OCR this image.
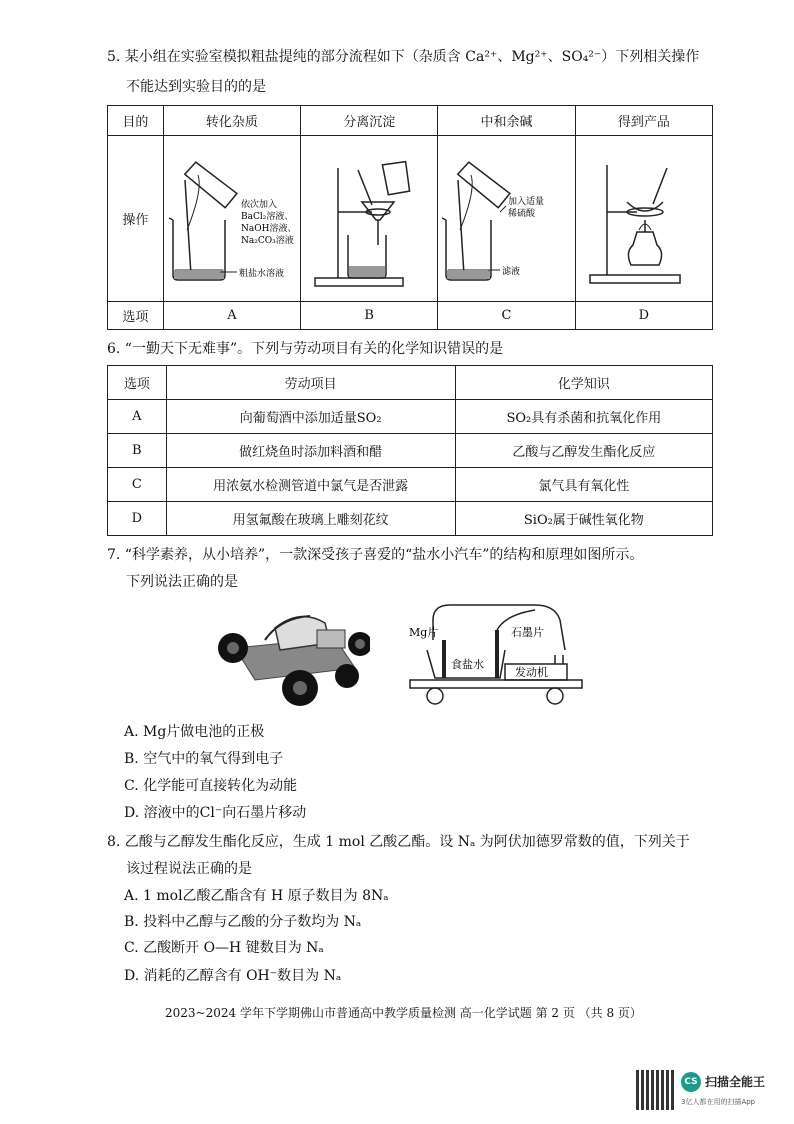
5. 某小组在实验室模拟粗盐提纯的部分流程如下（杂质含 Ca²⁺、Mg²⁺、SO₄²⁻）下列相关操作
不能达到实验目的的是
目的	转化杂质	分离沉淀	中和余碱	得到产品
操作				
选项	A	B	C	D
依次加入
BaCl₂溶液、
NaOH溶液、
Na₂CO₃溶液
粗盐水溶液
加入适量
稀硫酸
滤液
6. “一勤天下无难事”。下列与劳动项目有关的化学知识错误的是
选项	劳动项目	化学知识
A	向葡萄酒中添加适量SO₂	SO₂具有杀菌和抗氧化作用
B	做红烧鱼时添加料酒和醋	乙酸与乙醇发生酯化反应
C	用浓氨水检测管道中氯气是否泄露	氯气具有氧化性
D	用氢氟酸在玻璃上雕刻花纹	SiO₂属于碱性氧化物
7. “科学素养，从小培养”，一款深受孩子喜爱的“盐水小汽车”的结构和原理如图所示。
下列说法正确的是
Mg片	石墨片
食盐水
发动机
A. Mg片做电池的正极
B. 空气中的氧气得到电子
C. 化学能可直接转化为动能
D. 溶液中的Cl⁻向石墨片移动
8. 乙酸与乙醇发生酯化反应，生成 1 mol 乙酸乙酯。设 Nₐ 为阿伏加德罗常数的值，下列关于
该过程说法正确的是
A. 1 mol乙酸乙酯含有 H 原子数目为 8Nₐ
B. 投料中乙醇与乙酸的分子数均为 Nₐ
C. 乙酸断开 O—H 键数目为 Nₐ
D. 消耗的乙醇含有 OH⁻数目为 Nₐ
2023~2024 学年下学期佛山市普通高中教学质量检测 高一化学试题 第 2 页 （共 8 页）
CS 扫描全能王
3亿人都在用的扫描App
